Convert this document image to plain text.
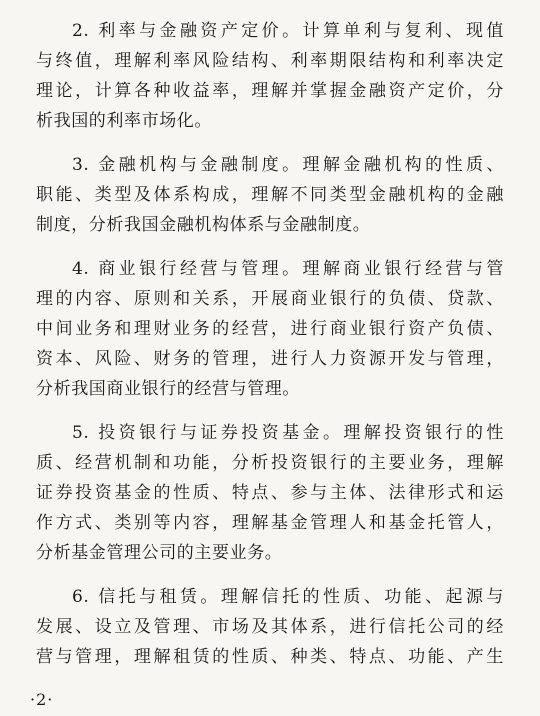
2. 利率与金融资产定价。计算单利与复利、现值
与终值，理解利率风险结构、利率期限结构和利率决定
理论，计算各种收益率，理解并掌握金融资产定价，分
析我国的利率市场化。
3. 金融机构与金融制度。理解金融机构的性质、
职能、类型及体系构成，理解不同类型金融机构的金融
制度，分析我国金融机构体系与金融制度。
4. 商业银行经营与管理。理解商业银行经营与管
理的内容、原则和关系，开展商业银行的负债、贷款、
中间业务和理财业务的经营，进行商业银行资产负债、
资本、风险、财务的管理，进行人力资源开发与管理，
分析我国商业银行的经营与管理。
5. 投资银行与证券投资基金。理解投资银行的性
质、经营机制和功能，分析投资银行的主要业务，理解
证券投资基金的性质、特点、参与主体、法律形式和运
作方式、类别等内容，理解基金管理人和基金托管人，
分析基金管理公司的主要业务。
6. 信托与租赁。理解信托的性质、功能、起源与
发展、设立及管理、市场及其体系，进行信托公司的经
营与管理，理解租赁的性质、种类、特点、功能、产生
·2·
